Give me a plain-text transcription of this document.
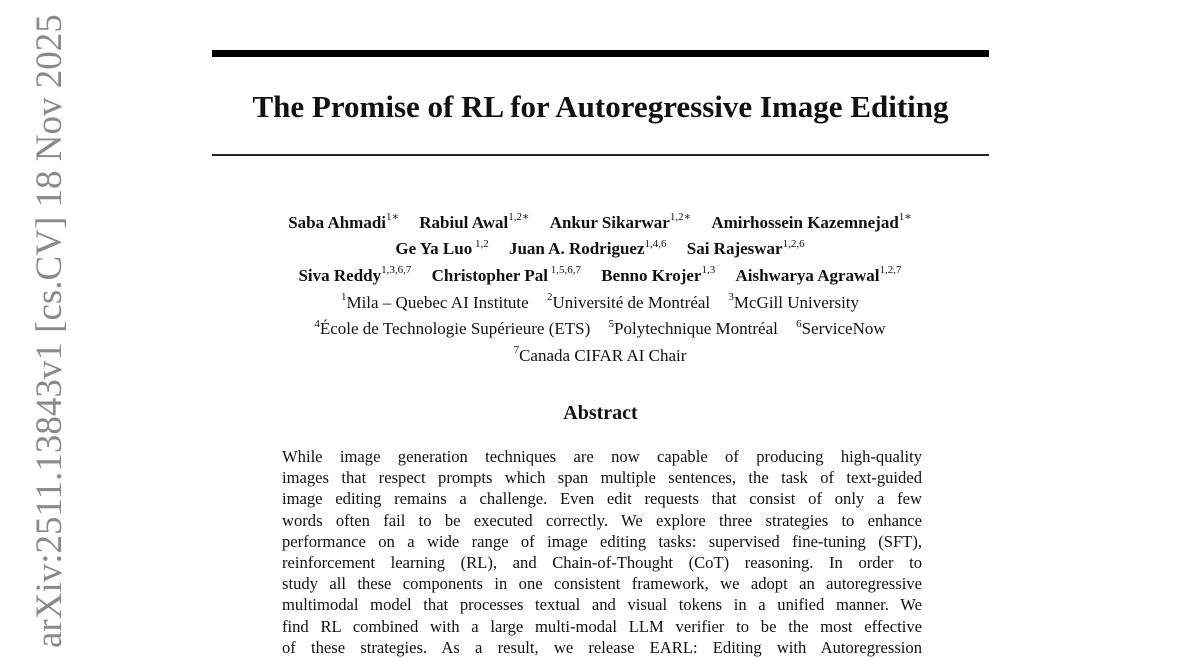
The Promise of RL for Autoregressive Image Editing
Saba Ahmadi$^{1∗}$ Rabiul Awal$^{1,2∗}$ Ankur Sikarwar$^{1,2∗}$ Amirhossein Kazemnejad$^{1∗}$
Ge Ya Luo $^{1,2}$ Juan A. Rodriguez$^{1,4,6}$ Sai Rajeswar$^{1,2,6}$
Siva Reddy$^{1,3,6,7}$ Christopher Pal $^{1,5,6,7}$ Benno Krojer$^{1,3}$ Aishwarya Agrawal$^{1,2,7}$
$^1$Mila – Quebec AI Institute $^2$Université de Montréal $^3$McGill University
$^4$École de Technologie Supérieure (ETS) $^5$Polytechnique Montréal $^6$ServiceNow
$^7$Canada CIFAR AI Chair
Abstract
While image generation techniques are now capable of producing high-quality
images that respect prompts which span multiple sentences, the task of text-guided
image editing remains a challenge. Even edit requests that consist of only a few
words often fail to be executed correctly. We explore three strategies to enhance
performance on a wide range of image editing tasks: supervised fine-tuning (SFT),
reinforcement learning (RL), and Chain-of-Thought (CoT) reasoning. In order to
study all these components in one consistent framework, we adopt an autoregressive
multimodal model that processes textual and visual tokens in a unified manner. We
find RL combined with a large multi-modal LLM verifier to be the most effective
of these strategies. As a result, we release EARL: Editing with Autoregression
arXiv:2511.13843v1 [cs.CV] 18 Nov 2025
